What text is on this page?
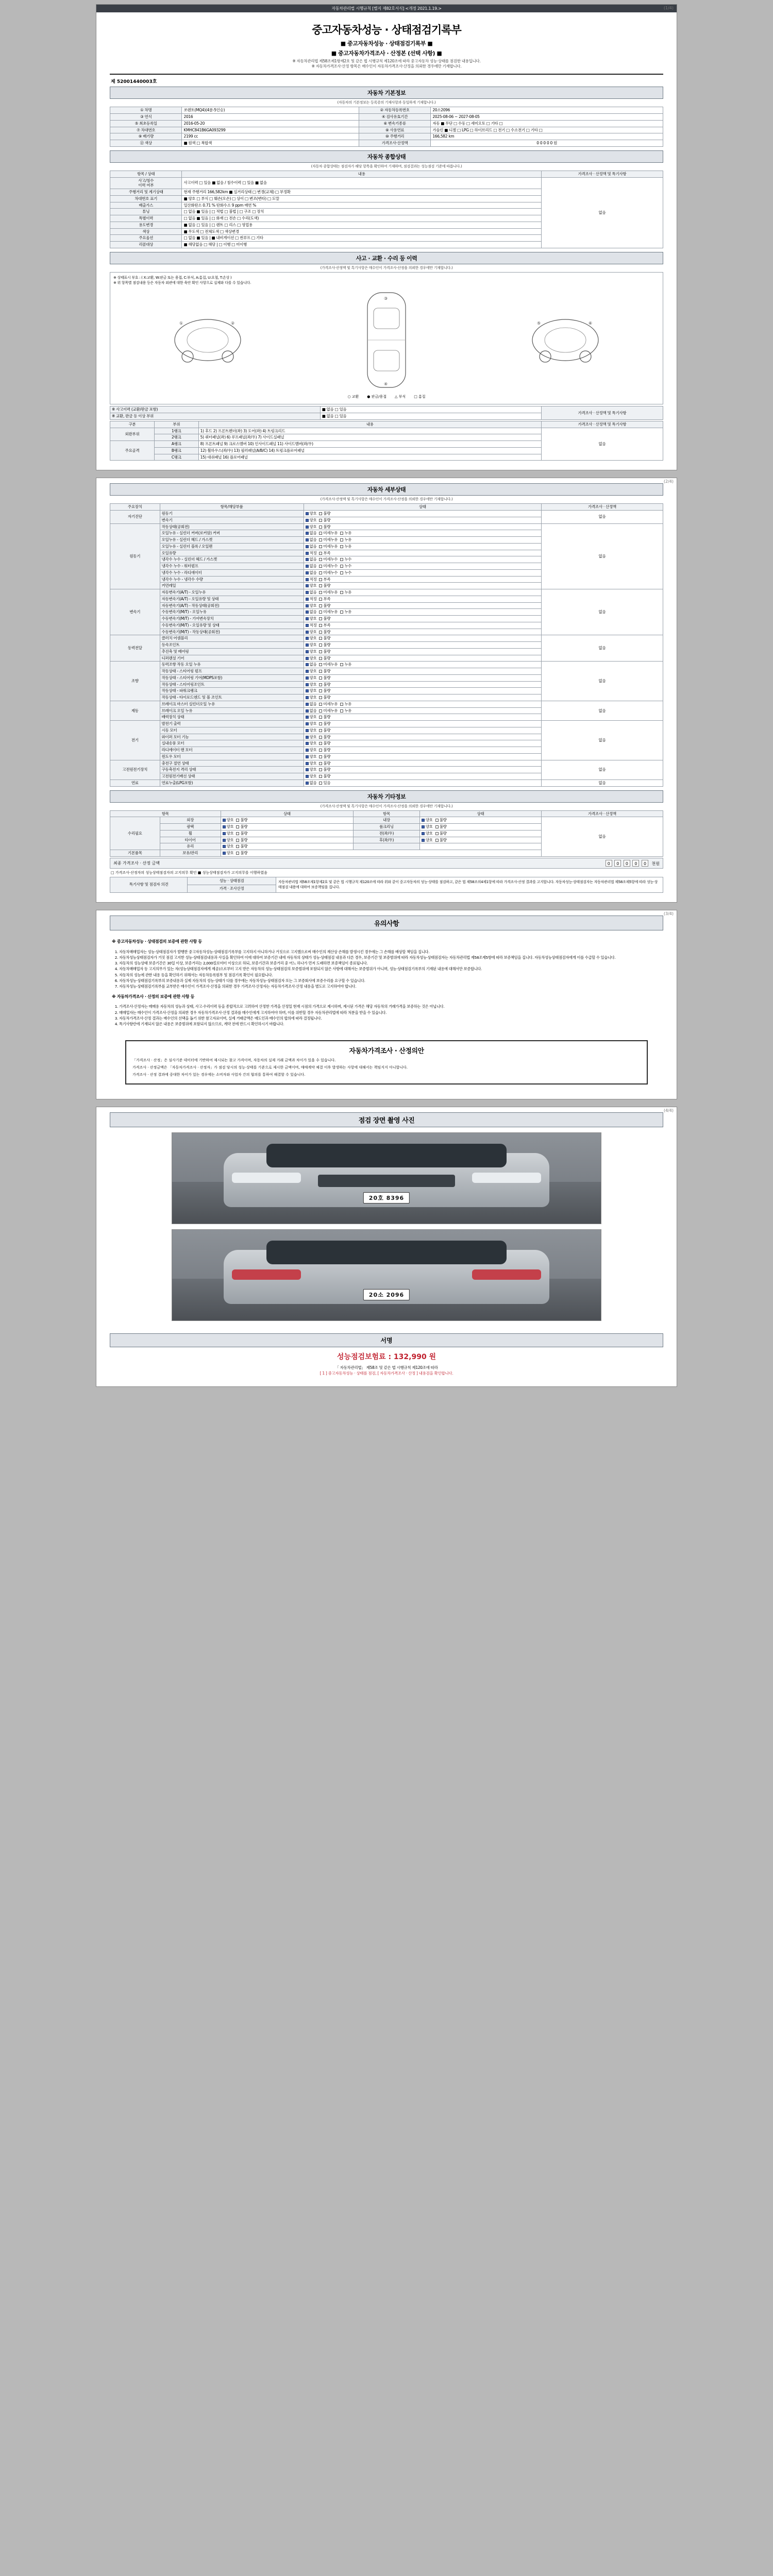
자동차관리법 시행규칙 [별지 제82호서식] <개정 2021.1.19.>	(1/4)
중고자동차성능 · 상태점검기록부
■ 중고자동차성능 · 상태점검기록부 ■
■ 중고자동차가격조사 · 산정본 (선택 사항) ■
※ 자동차관리법 제58조제1항제2호 및 같은 법 시행규칙 제120조에 따라 중고자동차 성능·상태를 점검한 내용입니다.
※ 자동차가격조사·산정 항목은 매수인이 자동차가격조사·산정을 의뢰한 경우에만 기재합니다.
제 52001440003호
자동차 기본정보
(자동차의 기본정보는 등록증의 기재사항과 동일하게 기재합니다.)
① 차명	쏘렌토(MQ4)(4륜-5인승)	② 자동차등록번호	20소2096
③ 연식	2016	④ 검사유효기간	2025-08-06 ~ 2027-08-05
⑤ 최초등록일	2016-05-20	⑥ 변속기종류	자동 ■ 무단 □ 수동 □ 세미오토 □ 기타 □
⑦ 차대번호	KMHC841B6GA093299	⑧ 사용연료	가솔린 ■ 디젤 □ LPG □ 하이브리드 □ 전기 □ 수소전기 □ 기타 □
⑨ 배기량	2199 cc	⑩ 주행거리	166,582 km
⑫ 색상	■ 원색 □ 복합색	가격조사·산정액	0 0 0 0 0 원
자동차 종합상태
(자동차 종합상태는 점검자가 해당 항목을 확인하여 기재하며, 점검결과는 성능점검 기준에 따릅니다.)
항목 / 상태	내용	가격조사 · 산정액 및 특기사항
사고/침수
이력 여부	사고이력 □ 있음 ■ 없음 / 침수이력 □ 있음 ■ 없음	없음
주행거리 및 계기상태	현재 주행거리 166,582km ■ 실거리상태 □ 변경(교체) □ 부정확	
차대번호 표기	■ 양호 □ 부식 □ 훼손(오손) □ 상이 □ 변조(변타) □ 도말	
배출가스	일산화탄소 0.71 % 탄화수소 9 ppm 매연 %	
튜닝	□ 없음 ■ 있음 | □ 적법 □ 불법 | □ 구조 □ 장치	
특별이력	□ 없음 ■ 있음 | □ 화재 □ 전손 □ 수리(도색)	
용도변경	■ 없음 □ 있음 | □ 렌트 □ 리스 □ 영업용	
색상	■ 무도색 □ 전체도색 □ 색상변경	
주요옵션	□ 없음 ■ 있음 | ■ 내비게이션 □ 썬루프 □ 기타	
리콜대상	■ 해당없음 □ 해당 | □ 이행 □ 미이행	
사고 · 교환 · 수리 등 이력
(가격조사·산정액 및 특기사항은 매수인이 가격조사·산정을 의뢰한 경우에만 기재합니다.)
※ 상태표시 부호 : ( X:교환, W:판금 또는 용접, C:부식, A:흠집, U:요철, T:손상 )
※ 위 항목별 점검내용 등은 자동차 외관에 대한 육안 확인 사항으로 실제와 다를 수 있습니다.
①	②
③
④
⑤	⑥
○ 교환 ● 판금/용접 △ 부식 □ 흠집
※ 사고이력 (교환/판금 포함)	■ 없음 □ 있음	가격조사 · 산정액 및 특기사항
※ 교환, 판금 등 이상 부위	■ 없음 □ 있음	
구분	부위	내용	가격조사 · 산정액 및 특기사항
외판부위	1랭크	1) 후드 2) 프론트펜더(좌) 3) 도어(좌) 4) 트렁크리드	없음
	2랭크	5) 쿼터패널(좌) 6) 루프패널(좌/우) 7) 사이드실패널	
주요골격	A랭크	8) 프론트패널 9) 크로스멤버 10) 인사이드패널 11) 사이드멤버(좌/우)	
	B랭크	12) 휠하우스(좌/우) 13) 필러패널(A/B/C) 14) 트렁크플로어패널	
	C랭크	15) 대쉬패널 16) 플로어패널	
(2/4)
자동차 세부상태
(가격조사·산정액 및 특기사항은 매수인이 가격조사·산정을 의뢰한 경우에만 기재합니다.)
주요장치	항목/해당부품	상태	가격조사 · 산정액
자기진단	원동기	양호 불량	없음
	변속기	양호 불량	
원동기	작동상태(공회전)	양호 불량	없음
	오일누유 - 실린더 커버(로커암) 커버	없음 미세누유 누유	
	오일누유 - 실린더 헤드 / 가스켓	없음 미세누유 누유	
	오일누유 - 실린더 블록 / 오일팬	없음 미세누유 누유	
	오일유량	적정 부족	
	냉각수 누수 - 실린더 헤드 / 가스켓	없음 미세누수 누수	
	냉각수 누수 - 워터펌프	없음 미세누수 누수	
	냉각수 누수 - 라디에이터	없음 미세누수 누수	
	냉각수 누수 - 냉각수 수량	적정 부족	
	커먼레일	양호 불량	
변속기	자동변속기(A/T) - 오일누유	없음 미세누유 누유	없음
	자동변속기(A/T) - 오일유량 및 상태	적정 부족	
	자동변속기(A/T) - 작동상태(공회전)	양호 불량	
	수동변속기(M/T) - 오일누유	없음 미세누유 누유	
	수동변속기(M/T) - 기어변속장치	양호 불량	
	수동변속기(M/T) - 오일유량 및 상태	적정 부족	
	수동변속기(M/T) - 작동상태(공회전)	양호 불량	
동력전달	클러치 어셈블리	양호 불량	없음
	등속조인트	양호 불량	
	추진축 및 베어링	양호 불량	
	디퍼렌셜 기어	양호 불량	
조향	동력조향 작동 오일 누유	없음 미세누유 누유	없음
	작동상태 - 스티어링 펌프	양호 불량	
	작동상태 - 스티어링 기어(MDPS포함)	양호 불량	
	작동상태 - 스티어링조인트	양호 불량	
	작동상태 - 파워크랭크	양호 불량	
	작동상태 - 타이로드엔드 및 볼 조인트	양호 불량	
제동	브레이크 마스터 실린더오일 누유	없음 미세누유 누유	없음
	브레이크 오일 누유	없음 미세누유 누유	
	배력장치 상태	양호 불량	
전기	발전기 출력	양호 불량	없음
	시동 모터	양호 불량	
	와이퍼 모터 기능	양호 불량	
	실내송풍 모터	양호 불량	
	라디에이터 팬 모터	양호 불량	
	윈도우 모터	양호 불량	
고전원전기장치	충전구 절연 상태	양호 불량	없음
	구동축전지 격리 상태	양호 불량	
	고전원전기배선 상태	양호 불량	
연료	연료누출(LPG포함)	없음 있음	없음
자동차 기타정보
(가격조사·산정액 및 특기사항은 매수인이 가격조사·산정을 의뢰한 경우에만 기재합니다.)
항목		상태	항목	상태	가격조사 · 산정액
수리필요	외장	양호 불량	내장	양호 불량	없음
	광택	양호 불량	룸크리닝	양호 불량	
	휠	양호 불량	전(좌/우)	양호 불량	
	타이어	양호 불량	후(좌/우)	양호 불량	
	유리	양호 불량			
기본품목	보유/관리	양호 불량			
최종 가격조사 · 산정 금액	0 0 0 0 0 천원
□ 가격조사·산정자의 성능상태점검자의 고지의무 확인 ■ 성능상태점검자가 고지의무를 이행하였음
특기사항 및 점검자 의견	성능 · 상태점검	자동차관리법 제58조제1항제2호 및 같은 법 시행규칙 제120조에 따라 위와 같이 중고자동차의 성능·상태를 점검하고, 같은 법 제58조의4제1항에 따라 가격조사·산정 결과를 고지합니다. 자동차성능·상태점검자는 자동차관리법 제58조제5항에 따라 성능·상태점검 내용에 대하여 보증책임을 집니다.
가격 · 조사산정
(3/4)
유의사항
※ 중고자동차성능 · 상태점검의 보증에 관한 사항 등
1. 자동차매매업자는 성능·상태점검자가 발행한 중고자동차성능·상태점검기록부를 고지하지 아니하거나 거짓으로 고지했으로써 매수인의 재산상 손해를 발생시킨 경우에는 그 손해를 배상할 책임을 집니다.
2. 자동차성능상태점검자가 거짓 점검 고지한 성능·상태점검내용과 사실을 확인하여 이에 대하여 보증기간 내에 자동차의 상태가 성능·상태점검 내용과 다른 경우, 보증기간 및 보증범위에 따라 자동차성능·상태점검자는 자동차관리법 제58조제5항에 따라 보증책임을 집니다. 자동차성능상태점검자에게 이를 수급할 수 있습니다.
3. 자동차의 성능상태 보증기간은 30일 이상, 보증거리는 2,000킬로미터 이상으로 하되, 보증기간과 보증거리 중 어느 하나가 먼저 도래하면 보증책임이 종료됩니다.
4. 자동차매매업자 등 고지의무가 있는 자(성능상태점검자에게 제공)으로부터 고지 받은 자동차의 성능·상태점검의 보증범위에 포함되지 않은 사항에 대해서는 보증범위가 아니며, 성능·상태점검기록부의 기재된 내용에 대해서만 보증합니다.
5. 자동차의 성능에 관한 내용 등을 확인하기 위해서는 자동차등록원부 및 점검기록 확인이 필요합니다.
6. 자동차성능·상태점검기록부의 보증내용과 실제 자동차의 성능·상태가 다를 경우에는 자동차성능·상태점검자 또는 그 보증회사에 보증수리를 요구할 수 있습니다.
7. 자동차성능·상태점검기록부를 교부받은 매수인이 가격조사·산정을 의뢰한 경우 가격조사·산정자는 자동차가격조사·산정 내용을 별도로 고지하여야 합니다.
※ 자동차가격조사 · 산정의 보증에 관한 사항 등
1. 가격조사·산정자는 매매용 자동차의 성능과 상태, 사고·수리이력 등을 종합적으로 고려하여 산정한 가격을 산정일 현재 시점의 가격으로 제시하며, 제시된 가격은 해당 자동차의 거래가격을 보증하는 것은 아닙니다.
2. 매매업자는 매수인이 가격조사·산정을 의뢰한 경우 자동차가격조사·산정 결과를 매수인에게 고지하여야 하며, 이를 위반할 경우 자동차관리법에 따라 처분을 받을 수 있습니다.
3. 자동차가격조사·산정 결과는 매수인의 선택을 돕기 위한 참고자료이며, 실제 거래금액은 매도인과 매수인의 합의에 따라 결정됩니다.
4. 특기사항란에 기재되지 않은 내용은 보증범위에 포함되지 않으므로, 계약 전에 반드시 확인하시기 바랍니다.
자동차가격조사 · 산정의안

「가격조사 · 산정」은 심사기준 데이터에 기반하여 제시되는 참고 가격이며, 자동차의 실제 거래 금액과 차이가 있을 수 있습니다.

가격조사 · 산정금액은 「자동차가격조사 · 산정자」가 점검 당시의 성능·상태를 기준으로 제시한 금액이며, 매매계약 체결 이후 발생하는 사항에 대해서는 책임지지 아니합니다.

가격조사 · 산정 결과에 중대한 차이가 있는 경우에는 소비자와 사업자 간의 협의를 통하여 해결할 수 있습니다.

(4/4)
점검 장면 촬영 사진
20호 8396
20소 2096
서명
성능점검보험료 : 132,990 원
「 자동차관리법」 제58조 및 같은 법 시행규칙 제120조에 따라
[ 1 ] 중고자동차성능 · 상태를 점검, [ 자동차가격조사 · 산정 ] 내용검을 확인합니다.
